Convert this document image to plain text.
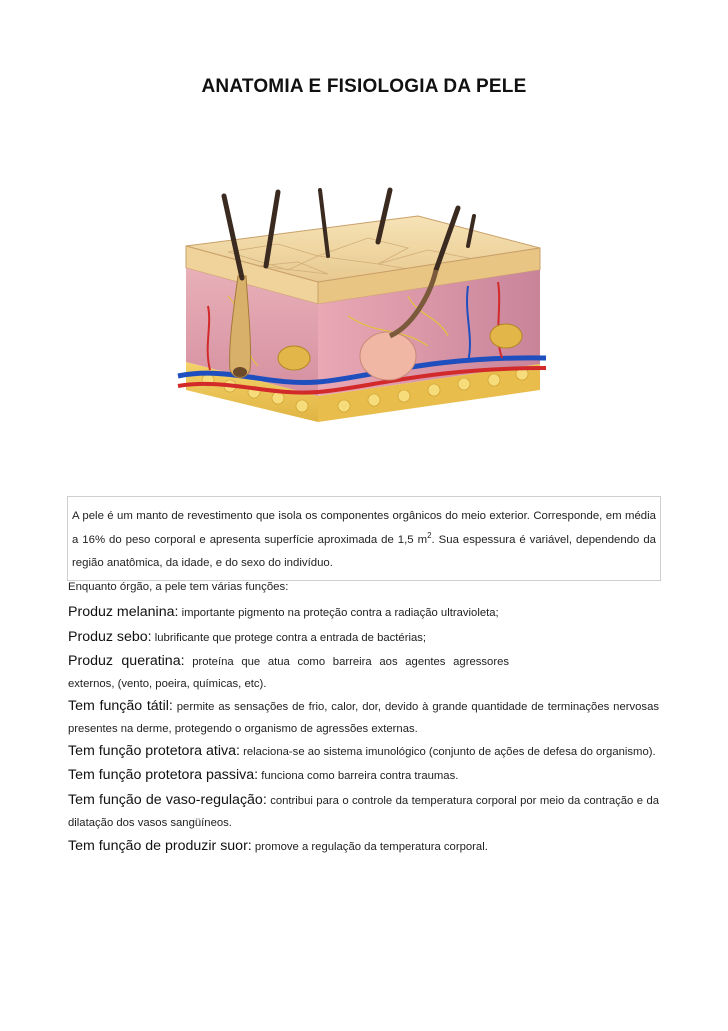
ANATOMIA E FISIOLOGIA DA PELE
A pele é um manto de revestimento que isola os componentes orgânicos do meio exterior. Corresponde, em média a 16% do peso corporal e apresenta superfície aproximada de 1,5 $m^2$. Sua espessura é variável, dependendo da região anatômica, da idade, e do sexo do indivíduo.
Enquanto órgão, a pele tem várias funções:

Produz melanina: importante pigmento na proteção contra a radiação ultravioleta;

Produz sebo: lubrificante que protege contra a entrada de bactérias;

Produz queratina: proteína que atua como barreira aos agentes agressores externos, (vento, poeira, químicas, etc).

Tem função tátil: permite as sensações de frio, calor, dor, devido à grande quantidade de terminações nervosas presentes na derme, protegendo o organismo de agressões externas.

Tem função protetora ativa: relaciona-se ao sistema imunológico (conjunto de ações de defesa do organismo).

Tem função protetora passiva: funciona como barreira contra traumas.

Tem função de vaso-regulação: contribui para o controle da temperatura corporal por meio da contração e da dilatação dos vasos sangüíneos.

Tem função de produzir suor: promove a regulação da temperatura corporal.
